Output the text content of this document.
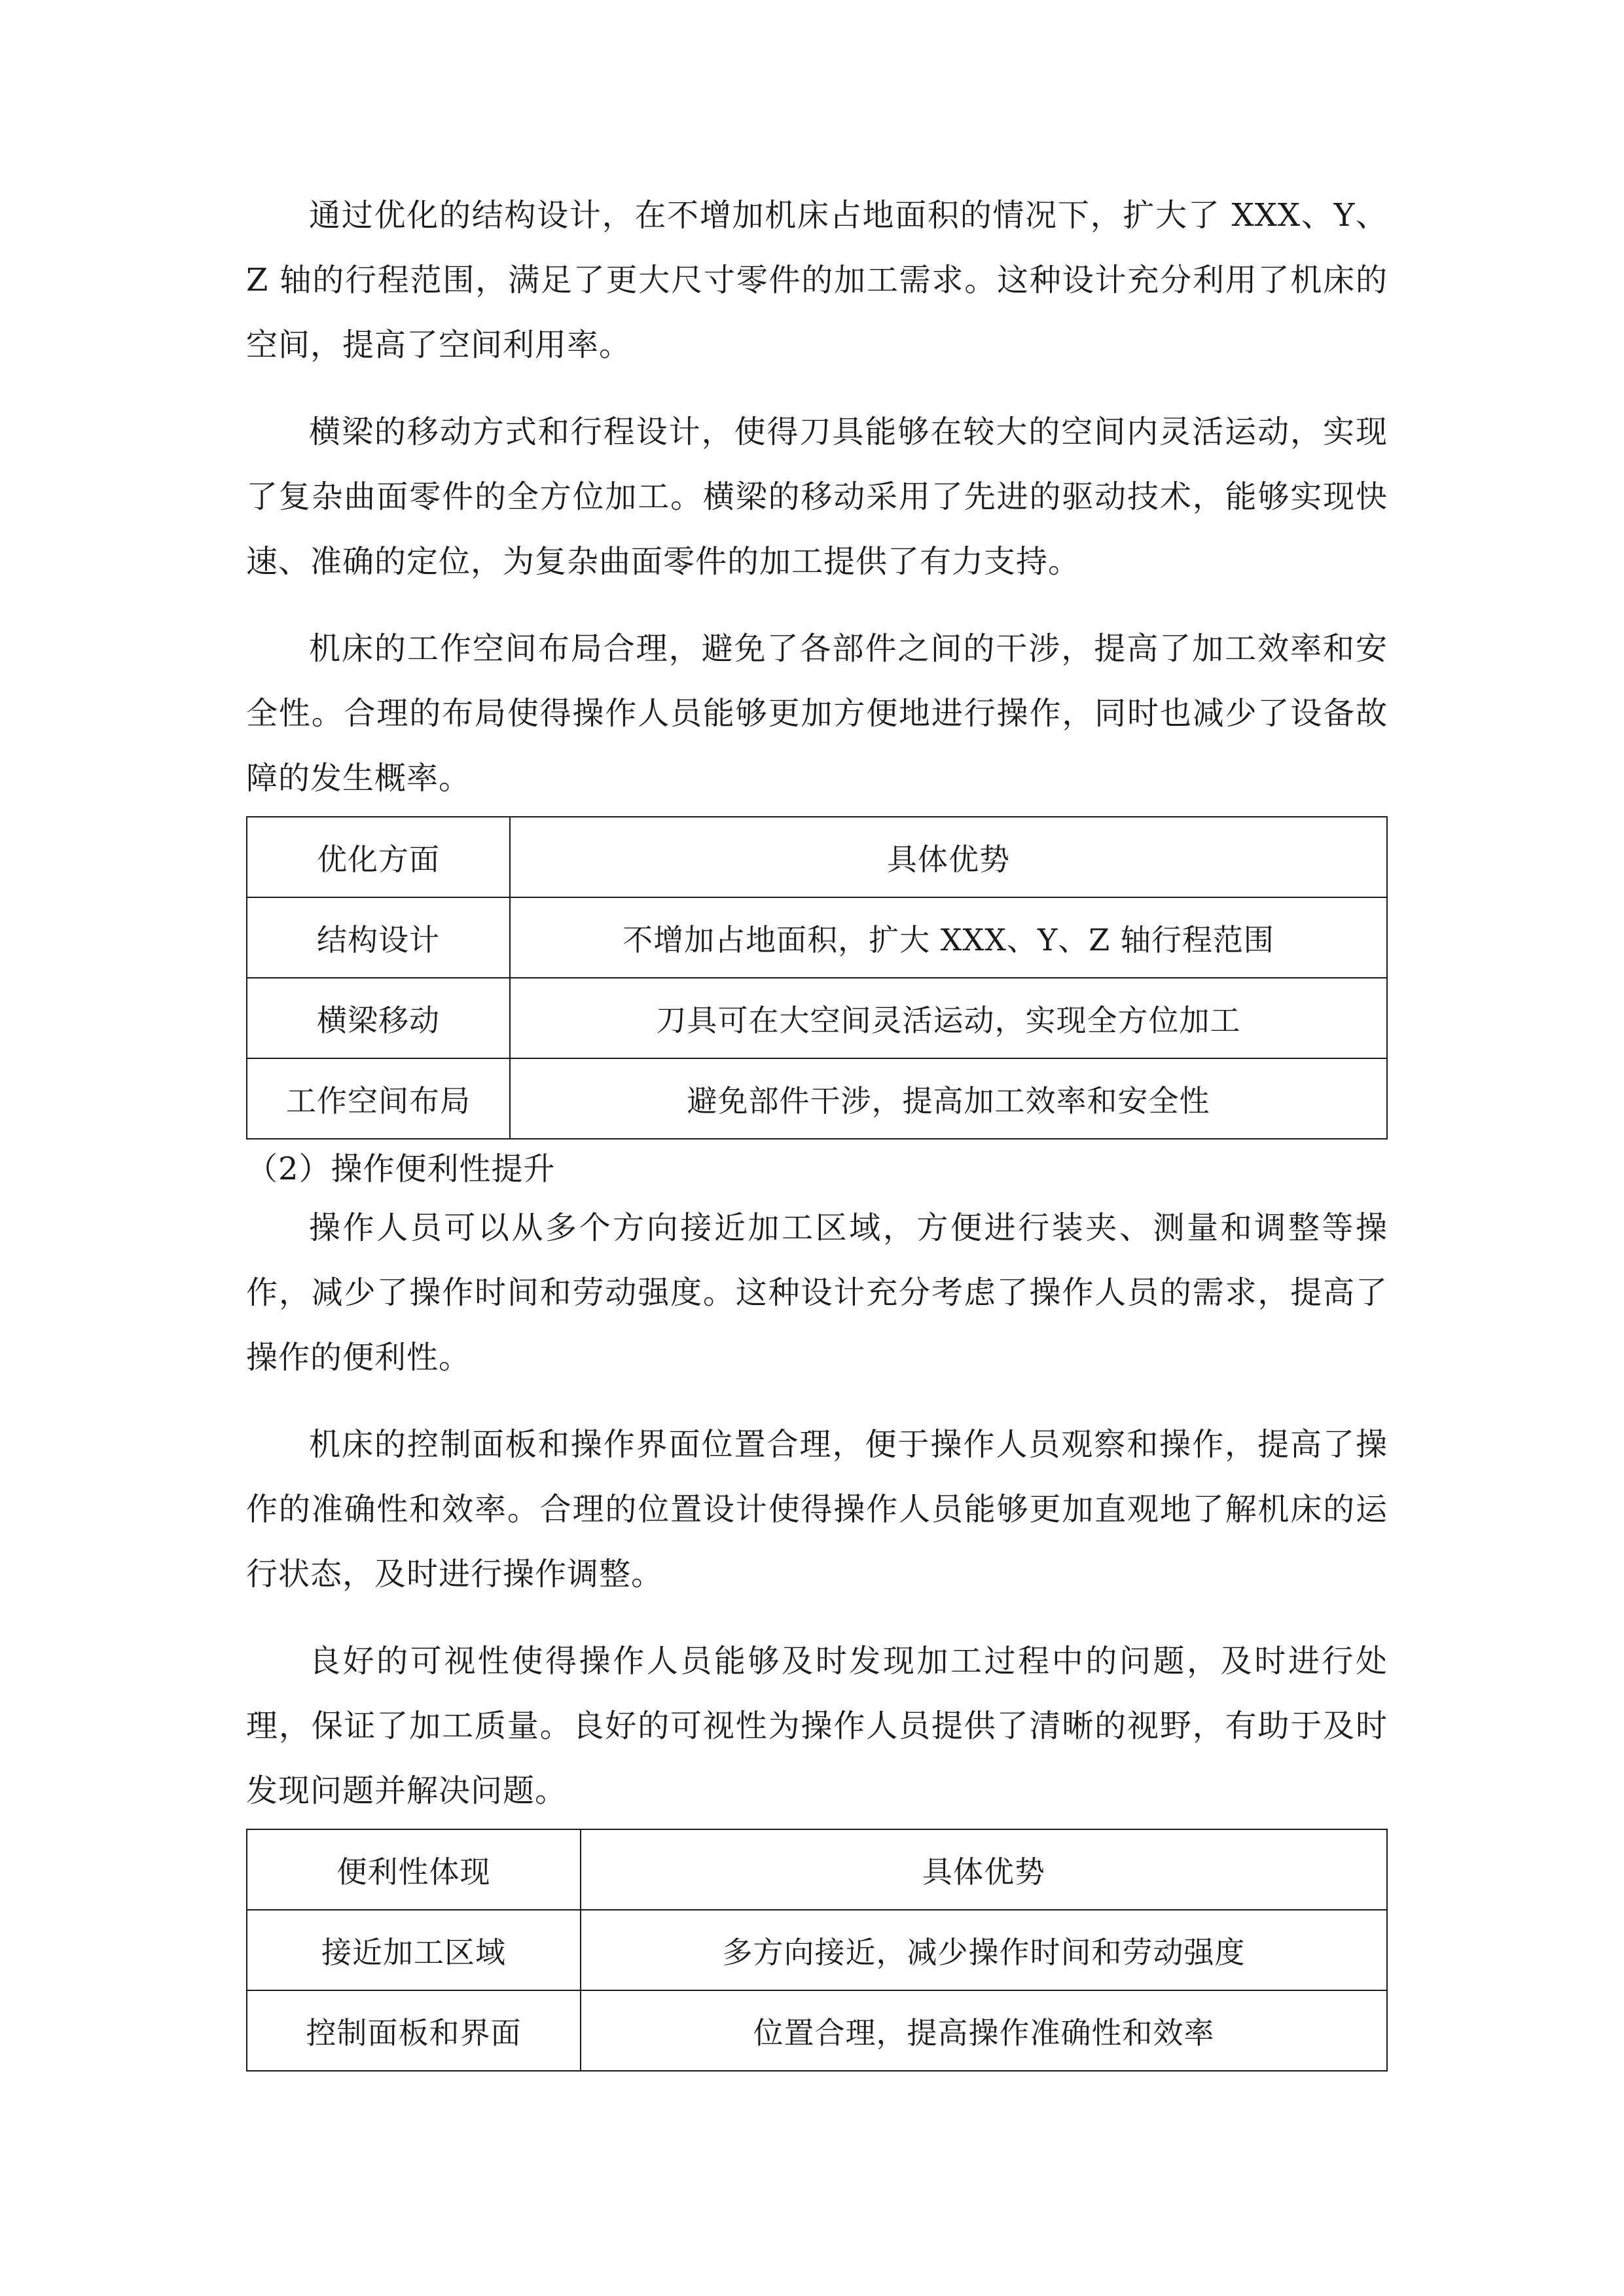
通过优化的结构设计，在不增加机床占地面积的情况下，扩大了 XXX、Y、Z 轴的行程范围，满足了更大尺寸零件的加工需求。这种设计充分利用了机床的空间，提高了空间利用率。

横梁的移动方式和行程设计，使得刀具能够在较大的空间内灵活运动，实现了复杂曲面零件的全方位加工。横梁的移动采用了先进的驱动技术，能够实现快速、准确的定位，为复杂曲面零件的加工提供了有力支持。

机床的工作空间布局合理，避免了各部件之间的干涉，提高了加工效率和安全性。合理的布局使得操作人员能够更加方便地进行操作，同时也减少了设备故障的发生概率。

优化方面	具体优势
结构设计	不增加占地面积，扩大 XXX、Y、Z 轴行程范围
横梁移动	刀具可在大空间灵活运动，实现全方位加工
工作空间布局	避免部件干涉，提高加工效率和安全性

（2）操作便利性提升

操作人员可以从多个方向接近加工区域，方便进行装夹、测量和调整等操作，减少了操作时间和劳动强度。这种设计充分考虑了操作人员的需求，提高了操作的便利性。

机床的控制面板和操作界面位置合理，便于操作人员观察和操作，提高了操作的准确性和效率。合理的位置设计使得操作人员能够更加直观地了解机床的运行状态，及时进行操作调整。

良好的可视性使得操作人员能够及时发现加工过程中的问题，及时进行处理，保证了加工质量。良好的可视性为操作人员提供了清晰的视野，有助于及时发现问题并解决问题。

便利性体现	具体优势
接近加工区域	多方向接近，减少操作时间和劳动强度
控制面板和界面	位置合理，提高操作准确性和效率
